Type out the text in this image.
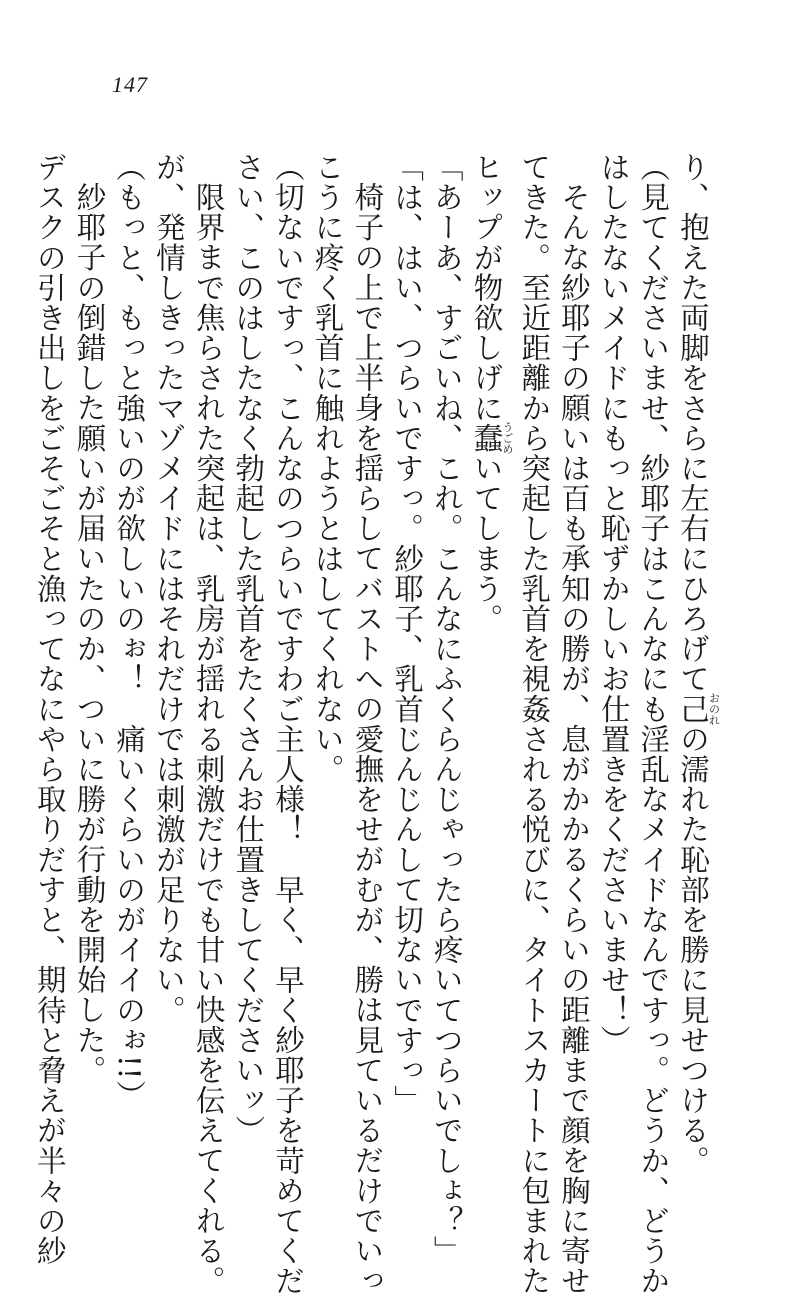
147
り、抱えた両脚をさらに左右にひろげて己おのれの濡れた恥部を勝に見せつける。
（見てくださいませ、紗耶子はこんなにも淫乱なメイドなんですっ。どうか、どうか
はしたないメイドにもっと恥ずかしいお仕置きをくださいませ！）
そんな紗耶子の願いは百も承知の勝が、息がかかるくらいの距離まで顔を胸に寄せ
てきた。至近距離から突起した乳首を視姦される悦びに、タイトスカートに包まれた
ヒップが物欲しげに蠢うごめいてしまう。
「あーあ、すごいね、これ。こんなにふくらんじゃったら疼いてつらいでしょ？」
「は、はい、つらいですっ。紗耶子、乳首じんじんして切ないですっ」
椅子の上で上半身を揺らしてバストへの愛撫をせがむが、勝は見ているだけでいっ
こうに疼く乳首に触れようとはしてくれない。
（切ないですっ、こんなのつらいですわご主人様！　早く、早く紗耶子を苛めてくだ
さい、このはしたなく勃起した乳首をたくさんお仕置きしてくださいッ）
限界まで焦らされた突起は、乳房が揺れる刺激だけでも甘い快感を伝えてくれる。
が、発情しきったマゾメイドにはそれだけでは刺激が足りない。
（もっと、もっと強いのが欲しいのぉ！　痛いくらいのがイイのぉ!!）
紗耶子の倒錯した願いが届いたのか、ついに勝が行動を開始した。
デスクの引き出しをごそごそと漁ってなにやら取りだすと、期待と脅えが半々の紗
